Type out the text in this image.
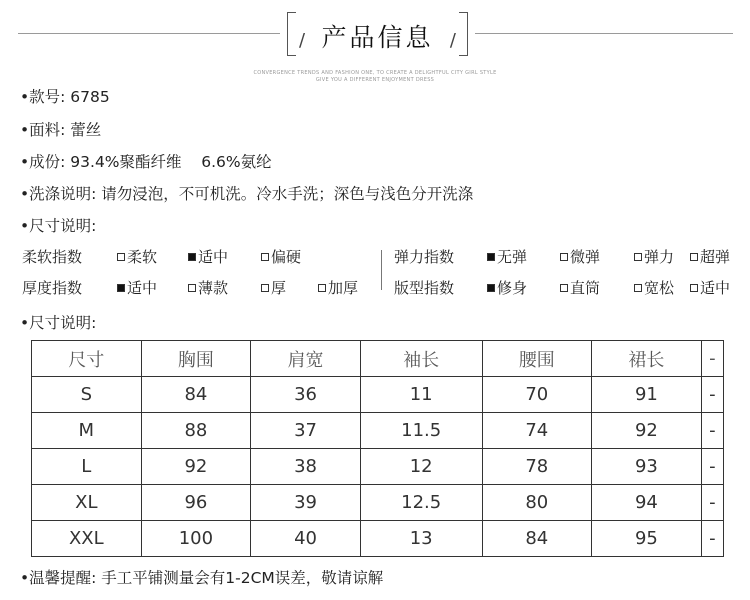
/	/
产品信息
CONVERGENCE TRENDS AND FASHION ONE, TO CREATE A DELIGHTFUL CITY GIRL STYLE
GIVE YOU A DIFFERENT ENJOYMENT DRESS
•款号: 6785
•面料: 蕾丝
•成份: 93.4%聚酯纤维    6.6%氨纶
•洗涤说明: 请勿浸泡，不可机洗。冷水手洗；深色与浅色分开洗涤
•尺寸说明:
柔软指数	柔软	适中	偏硬
厚度指数	适中	薄款	厚	加厚
弹力指数	无弹	微弹	弹力	超弹
版型指数	修身	直筒	宽松	适中
•尺寸说明:
尺寸	胸围	肩宽	袖长	腰围	裙长	-
S	84	36	11	70	91	-
M	88	37	11.5	74	92	-
L	92	38	12	78	93	-
XL	96	39	12.5	80	94	-
XXL	100	40	13	84	95	-
•温馨提醒: 手工平铺测量会有1-2CM误差，敬请谅解
